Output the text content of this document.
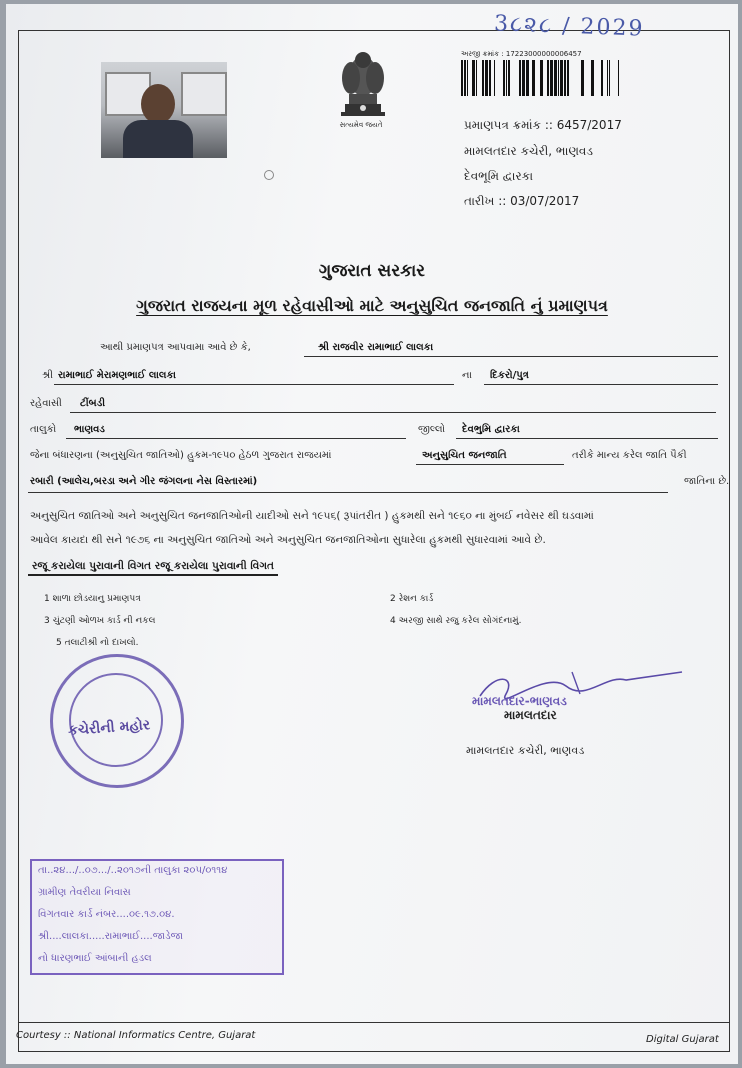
3૮૨૮ / 2029
સત્યમેવ જયતે
અરજી ક્રમાંક : 17223000000006457
પ્રમાણપત્ર ક્રમાંક :: 6457/2017
મામલતદાર કચેરી, ભાણવડ
દેવભૂમિ દ્વારકા
તારીખ :: 03/07/2017
ગુજરાત સરકાર
ગુજરાત રાજયના મૂળ રહેવાસીઓ માટે અનુસુચિત જનજાતિ નું પ્રમાણપત્ર
આથી પ્રમાણપત્ર આપવામા આવે છે કે,	શ્રી રાજવીર રામાભાઈ લાલકા
શ્રી રામાભાઈ મેરામણભાઈ લાલકા	ના દિકરો/પુત્ર
રહેવાસી ટીંબડી
તાલુકો ભાણવડ	જીલ્લો દેવભુમિ દ્વારકા
જેના બંધારણના (અનુસુચિત જાતિઓ) હુકમ-૧૯૫૦ હેઠળ ગુજરાત રાજયમાં	અનુસુચિત જનજાતિ	તરીકે માન્ય કરેલ જાતિ પૈકી
રબારી (આલેચ,બરડા અને ગીર જંગલના નેસ વિસ્તારમાં)	જાતિના છે.
અનુસુચિત જાતિઓ અને અનુસુચિત જનજાતિઓની યાદીઓ સને ૧૯૫૬( રૂપાંતરીત ) હુકમથી સને ૧૯૬૦ ના મુંબઈ નવેસર થી ઘડવામાં
આવેલ કાયદા થી સને ૧૯૭૬ ના અનુસુચિત જાતિઓ અને અનુસુચિત જનજાતિઓના સુધારેલા હુકમથી સુધારવામાં આવે છે.
રજૂ કરાયેલા પુરાવાની વિગત રજૂ કરાયેલા પુરાવાની વિગત
1 શાળા છોડયાનુ પ્રમાણપત્ર	2 રેશન કાર્ડ
3 ચુંટણી ઓળખ કાર્ડ ની નકલ	4 અરજી સાથે રજુ કરેલ સોગંદનામું.
5 તલાટીશ્રી નો દાખલો.
કચેરીની મહોર
મામલતદાર-ભાણવડ
મામલતદાર
મામલતદાર કચેરી, ભાણવડ
તા..૨૪.../..૦૭.../..૨૦૧૭ની તાલુકા ૨૦૫/૦૧૧૪
ગ્રામીણ તેવરીયા નિવાસ
વિગતવાર કાર્ડ નંબર....૦૯.૧૭.૦૪.
શ્રી....લાલકા.....રામાભાઈ....જાડેજા
નો ધારણભાઈ આંબાની હડલ
Courtesy :: National Informatics Centre, Gujarat	Digital Gujarat
